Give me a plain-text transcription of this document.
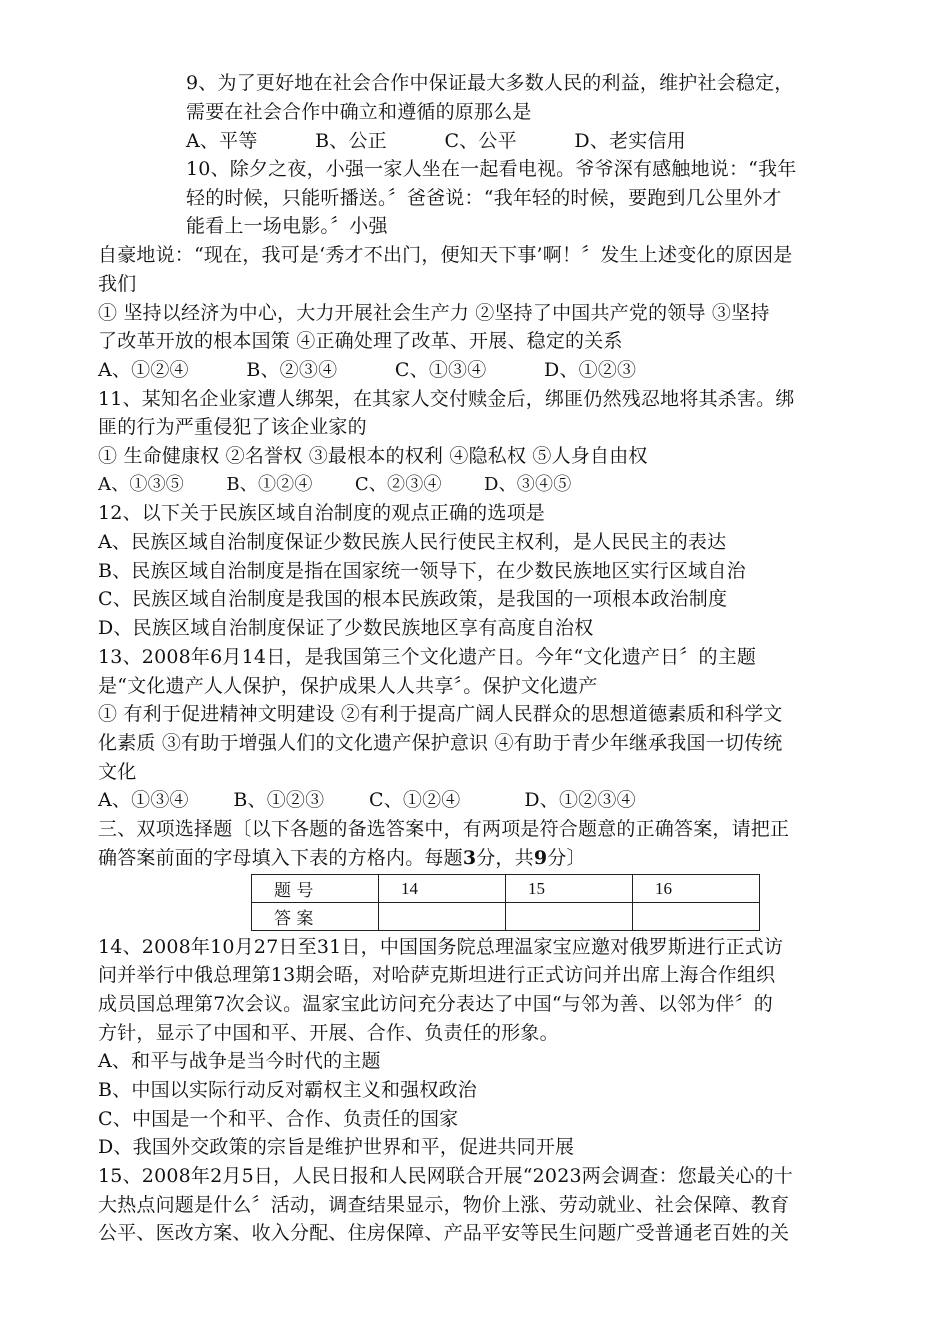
9、为了更好地在社会合作中保证最大多数人民的利益，维护社会稳定，
需要在社会合作中确立和遵循的原那么是
A、平等　　　B、公正　　　C、公平　　　D、老实信用
10、除夕之夜，小强一家人坐在一起看电视。爷爷深有感触地说：“我年
轻的时候，只能听播送。〞爸爸说：“我年轻的时候，要跑到几公里外才
能看上一场电影。〞小强
自豪地说：“现在，我可是‘秀才不出门，便知天下事’啊！〞发生上述变化的原因是
我们
① 坚持以经济为中心，大力开展社会生产力 ②坚持了中国共产党的领导 ③坚持
了改革开放的根本国策 ④正确处理了改革、开展、稳定的关系
A、①②④　　　B、②③④　　　C、①③④　　　D、①②③
11、某知名企业家遭人绑架，在其家人交付赎金后，绑匪仍然残忍地将其杀害。绑
匪的行为严重侵犯了该企业家的
① 生命健康权 ②名誉权 ③最根本的权利 ④隐私权 ⑤人身自由权
A、①③⑤　　 B、①②④　　 C、②③④　　 D、③④⑤
12、以下关于民族区域自治制度的观点正确的选项是
A、民族区域自治制度保证少数民族人民行使民主权利，是人民民主的表达
B、民族区域自治制度是指在国家统一领导下，在少数民族地区实行区域自治
C、民族区域自治制度是我国的根本民族政策，是我国的一项根本政治制度
D、民族区域自治制度保证了少数民族地区享有高度自治权
13、2008年6月14日，是我国第三个文化遗产日。今年“文化遗产日〞的主题
是“文化遗产人人保护，保护成果人人共享〞。保护文化遗产
① 有利于促进精神文明建设 ②有利于提高广阔人民群众的思想道德素质和科学文
化素质 ③有助于增强人们的文化遗产保护意识 ④有助于青少年继承我国一切传统
文化
A、①③④　　 B、①②③　　 C、①②④　　　 D、①②③④
三、双项选择题〔以下各题的备选答案中，有两项是符合题意的正确答案，请把正
确答案前面的字母填入下表的方格内。每题3分，共9分〕
题 号	14	15	16
答 案			
14、2008年10月27日至31日，中国国务院总理温家宝应邀对俄罗斯进行正式访
问并举行中俄总理第13期会晤，对哈萨克斯坦进行正式访问并出席上海合作组织
成员国总理第7次会议。温家宝此访问充分表达了中国“与邻为善、以邻为伴〞的
方针，显示了中国和平、开展、合作、负责任的形象。
A、和平与战争是当今时代的主题
B、中国以实际行动反对霸权主义和强权政治
C、中国是一个和平、合作、负责任的国家
D、我国外交政策的宗旨是维护世界和平，促进共同开展
15、2008年2月5日，人民日报和人民网联合开展“2023两会调查：您最关心的十
大热点问题是什么〞活动，调查结果显示，物价上涨、劳动就业、社会保障、教育
公平、医改方案、收入分配、住房保障、产品平安等民生问题广受普通老百姓的关
